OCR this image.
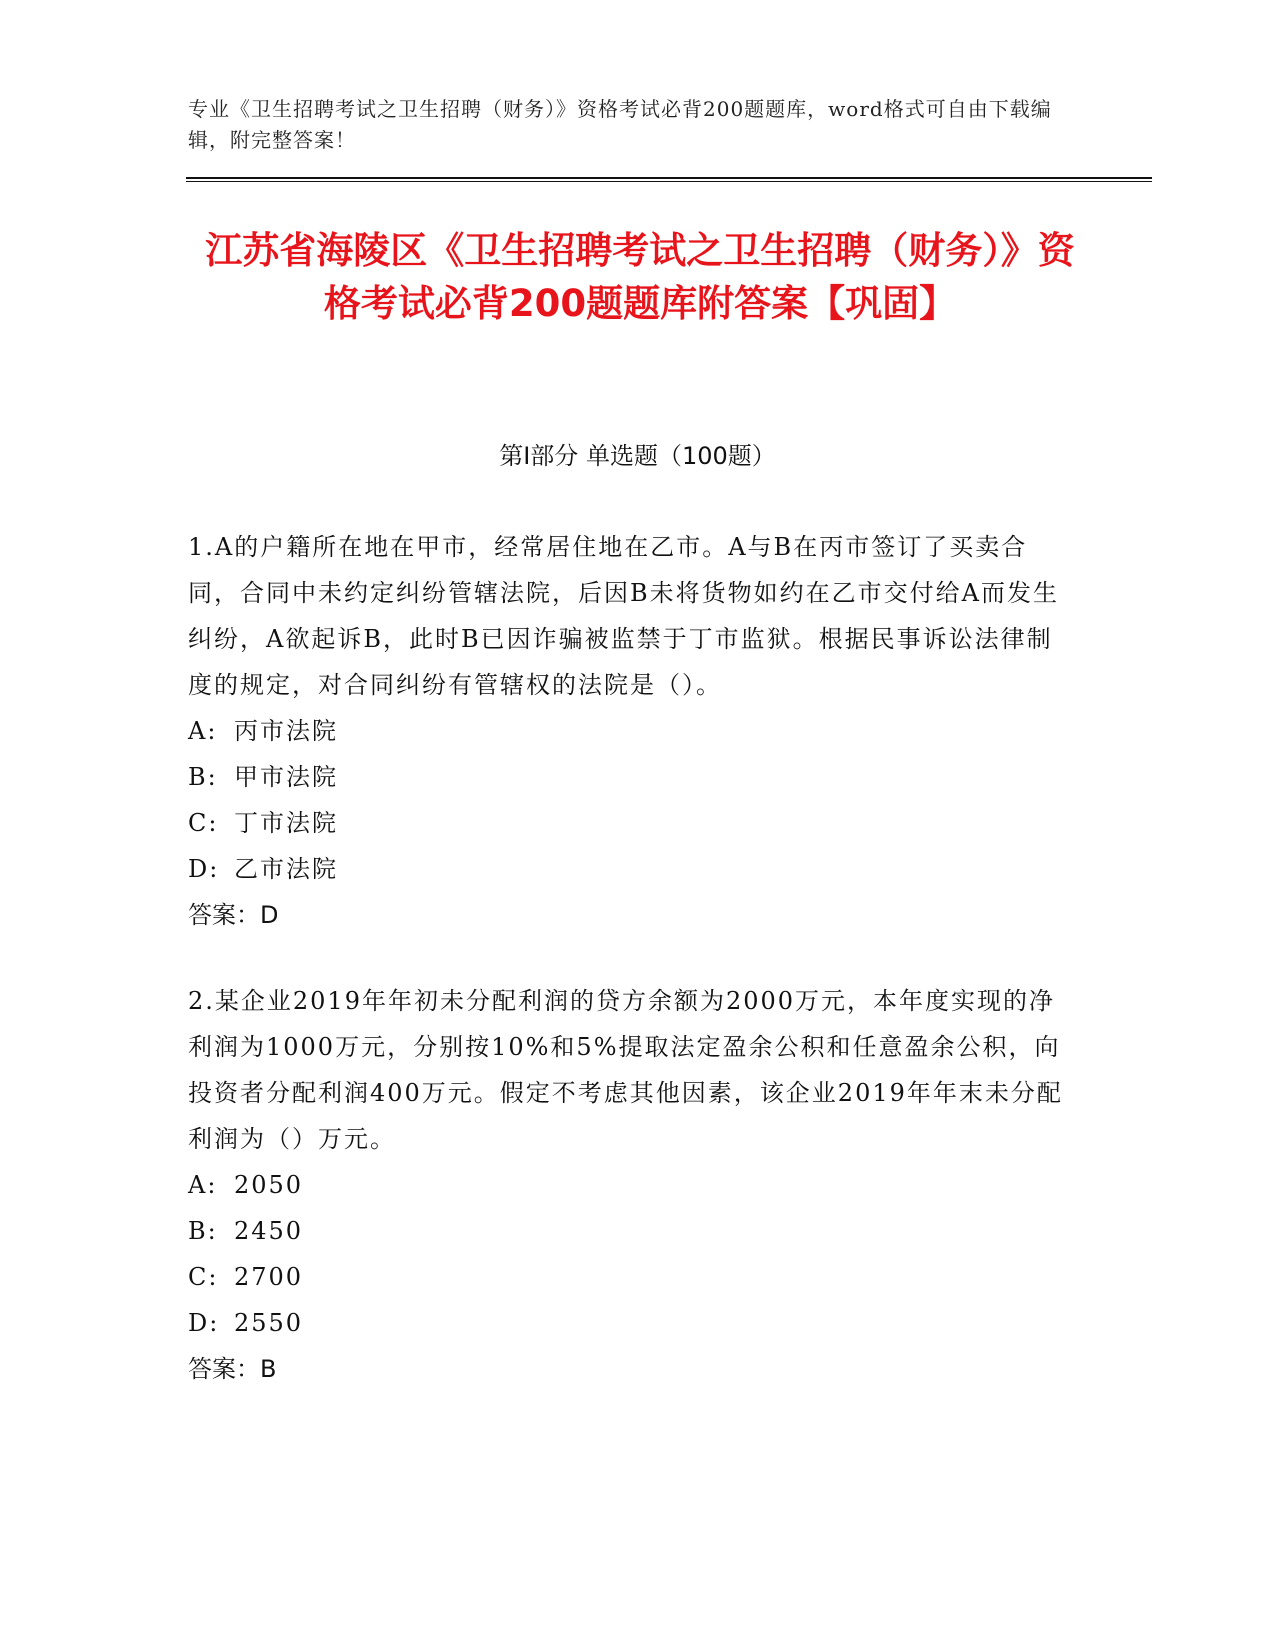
专业《卫生招聘考试之卫生招聘（财务）》资格考试必背200题题库，word格式可自由下载编辑，附完整答案！

江苏省海陵区《卫生招聘考试之卫生招聘（财务）》资格考试必背200题题库附答案【巩固】
第I部分 单选题（100题）

1.A的户籍所在地在甲市，经常居住地在乙市。A与B在丙市签订了买卖合同，合同中未约定纠纷管辖法院，后因B未将货物如约在乙市交付给A而发生纠纷，A欲起诉B，此时B已因诈骗被监禁于丁市监狱。根据民事诉讼法律制度的规定，对合同纠纷有管辖权的法院是（）。

A: 丙市法院

B: 甲市法院

C: 丁市法院

D: 乙市法院

答案：D

2.某企业2019年年初未分配利润的贷方余额为2000万元，本年度实现的净利润为1000万元，分别按10%和5%提取法定盈余公积和任意盈余公积，向投资者分配利润400万元。假定不考虑其他因素，该企业2019年年末未分配利润为（）万元。

A: 2050

B: 2450

C: 2700

D: 2550

答案：B
